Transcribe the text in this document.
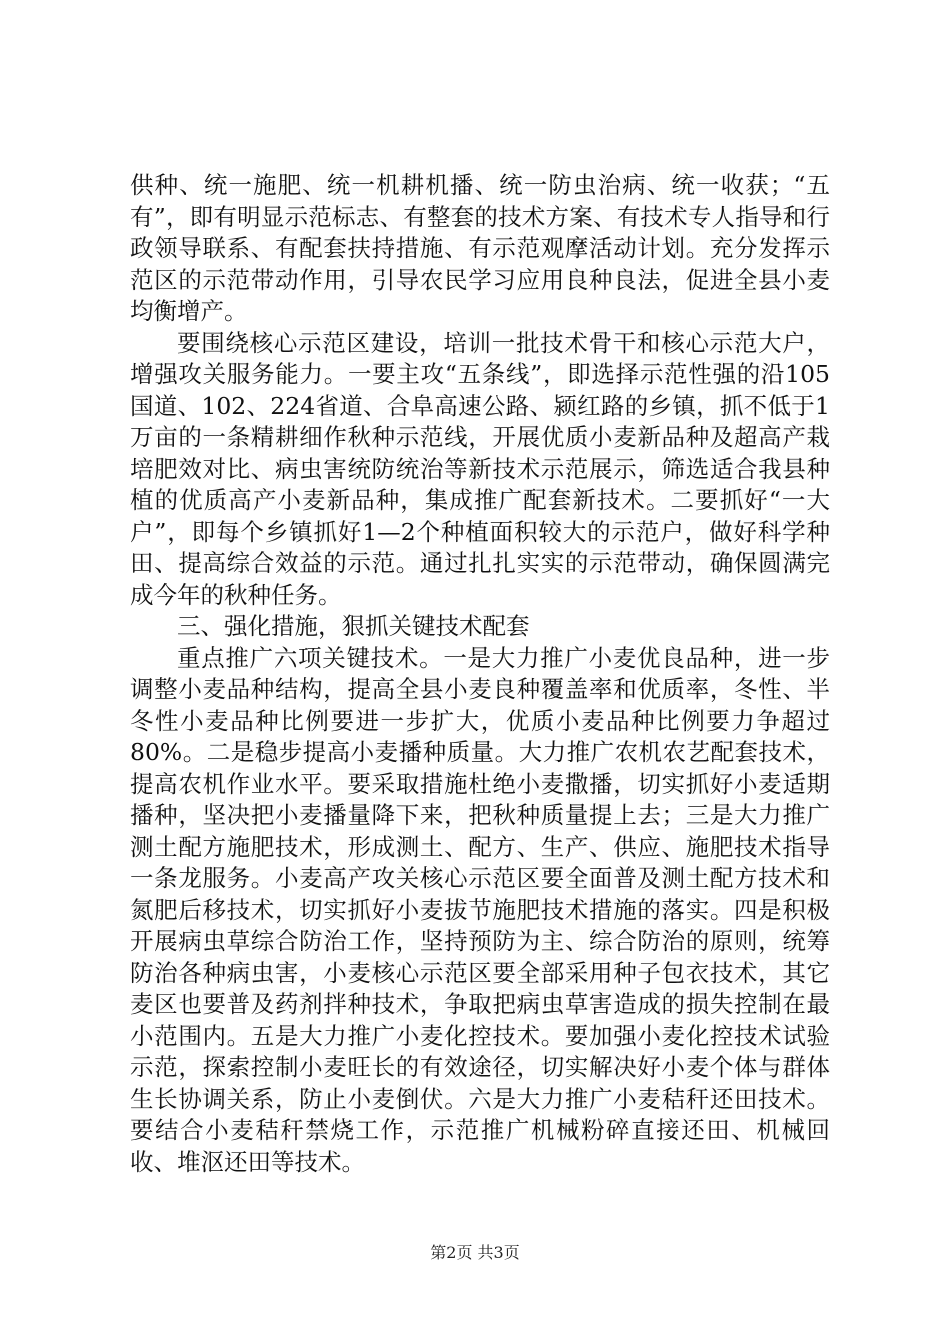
供种、统一施肥、统一机耕机播、统一防虫治病、统一收获；“五有”，即有明显示范标志、有整套的技术方案、有技术专人指导和行政领导联系、有配套扶持措施、有示范观摩活动计划。充分发挥示范区的示范带动作用，引导农民学习应用良种良法，促进全县小麦均衡增产。

要围绕核心示范区建设，培训一批技术骨干和核心示范大户，增强攻关服务能力。一要主攻“五条线”，即选择示范性强的沿105国道、102、224省道、合阜高速公路、颍红路的乡镇，抓不低于1万亩的一条精耕细作秋种示范线，开展优质小麦新品种及超高产栽培肥效对比、病虫害统防统治等新技术示范展示，筛选适合我县种植的优质高产小麦新品种，集成推广配套新技术。二要抓好“一大户”，即每个乡镇抓好1—2个种植面积较大的示范户，做好科学种田、提高综合效益的示范。通过扎扎实实的示范带动，确保圆满完成今年的秋种任务。

三、强化措施，狠抓关键技术配套

重点推广六项关键技术。一是大力推广小麦优良品种，进一步调整小麦品种结构，提高全县小麦良种覆盖率和优质率，冬性、半冬性小麦品种比例要进一步扩大，优质小麦品种比例要力争超过80%。二是稳步提高小麦播种质量。大力推广农机农艺配套技术，提高农机作业水平。要采取措施杜绝小麦撒播，切实抓好小麦适期播种，坚决把小麦播量降下来，把秋种质量提上去；三是大力推广测土配方施肥技术，形成测土、配方、生产、供应、施肥技术指导一条龙服务。小麦高产攻关核心示范区要全面普及测土配方技术和氮肥后移技术，切实抓好小麦拔节施肥技术措施的落实。四是积极开展病虫草综合防治工作，坚持预防为主、综合防治的原则，统筹防治各种病虫害，小麦核心示范区要全部采用种子包衣技术，其它麦区也要普及药剂拌种技术，争取把病虫草害造成的损失控制在最小范围内。五是大力推广小麦化控技术。要加强小麦化控技术试验示范，探索控制小麦旺长的有效途径，切实解决好小麦个体与群体生长协调关系，防止小麦倒伏。六是大力推广小麦秸秆还田技术。要结合小麦秸秆禁烧工作，示范推广机械粉碎直接还田、机械回收、堆沤还田等技术。

第2页 共3页
